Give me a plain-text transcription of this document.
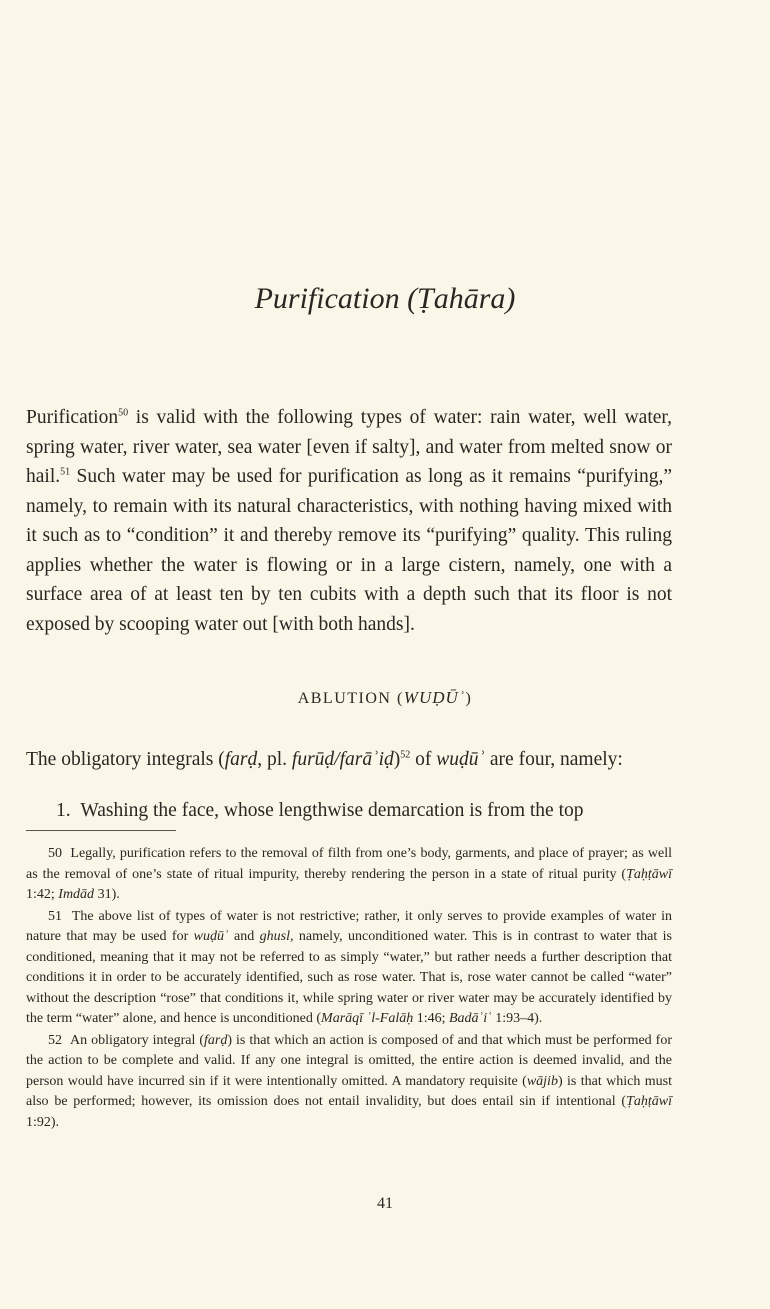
Purification (Ṭahāra)

Purification$^{50}$ is valid with the following types of water: rain water, well water, spring water, river water, sea water [even if salty], and water from melted snow or hail.$^{51}$ Such water may be used for purification as long as it remains “purifying,” namely, to remain with its natural characteristics, with nothing having mixed with it such as to “condition” it and thereby remove its “purifying” quality. This ruling applies whether the water is flowing or in a large cistern, namely, one with a surface area of at least ten by ten cubits with a depth such that its floor is not exposed by scooping water out [with both hands].

ABLUTION (WUḌŪʾ)

The obligatory integrals (farḍ, pl. furūḍ/farāʾiḍ)$^{52}$ of wuḍūʾ are four, namely:

1. Washing the face, whose lengthwise demarcation is from the top

50 Legally, purification refers to the removal of filth from one’s body, garments, and place of prayer; as well as the removal of one’s state of ritual impurity, thereby rendering the person in a state of ritual purity (Ṭaḥṭāwī 1:42; Imdād 31).

51 The above list of types of water is not restrictive; rather, it only serves to provide examples of water in nature that may be used for wuḍūʾ and ghusl, namely, unconditioned water. This is in contrast to water that is conditioned, meaning that it may not be referred to as simply “water,” but rather needs a further description that conditions it in order to be accurately identified, such as rose water. That is, rose water cannot be called “water” without the description “rose” that conditions it, while spring water or river water may be accurately identified by the term “water” alone, and hence is unconditioned (Marāqī ʾl-Falāḥ 1:46; Badāʾiʿ 1:93–4).

52 An obligatory integral (farḍ) is that which an action is composed of and that which must be performed for the action to be complete and valid. If any one integral is omitted, the entire action is deemed invalid, and the person would have incurred sin if it were intentionally omitted. A mandatory requisite (wājib) is that which must also be performed; however, its omission does not entail invalidity, but does entail sin if intentional (Ṭaḥṭāwī 1:92).

41
